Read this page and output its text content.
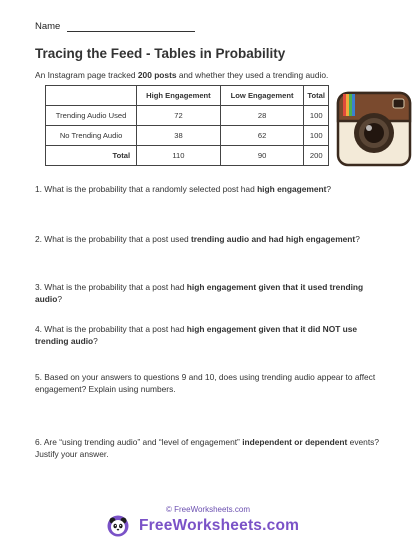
Name
Tracing the Feed - Tables in Probability
An Instagram page tracked 200 posts and whether they used a trending audio.
	High Engagement	Low Engagement	Total
Trending Audio Used	72	28	100
No Trending Audio	38	62	100
Total	110	90	200
1. What is the probability that a randomly selected post had high engagement?
2. What is the probability that a post used trending audio and had high engagement?
3. What is the probability that a post had high engagement given that it used trending audio?
4. What is the probability that a post had high engagement given that it did NOT use trending audio?
5. Based on your answers to questions 9 and 10, does using trending audio appear to affect engagement? Explain using numbers.
6. Are “using trending audio” and “level of engagement” independent or dependent events? Justify your answer.
© FreeWorksheets.com
FreeWorksheets.com
